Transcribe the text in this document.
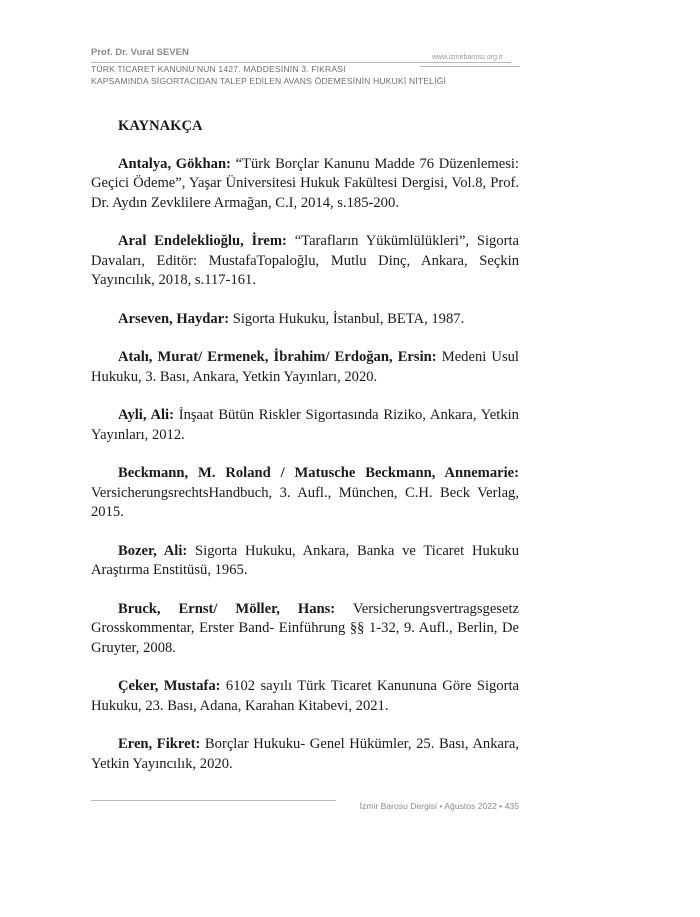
Prof. Dr. Vural SEVEN	www.izmirbarosu.org.tr
TÜRK TİCARET KANUNU’NUN 1427. MADDESİNİN 3. FIKRASI
KAPSAMINDA SİGORTACIDAN TALEP EDİLEN AVANS ÖDEMESİNİN HUKUKİ NİTELİĞİ
KAYNAKÇA

Antalya, Gökhan: “Türk Borçlar Kanunu Madde 76 Düzenlemesi: Geçici Ödeme”, Yaşar Üniversitesi Hukuk Fakültesi Dergisi, Vol.8, Prof. Dr. Aydın Zevklilere Armağan, C.I, 2014, s.185-200.

Aral Endeleklioğlu, İrem: “Tarafların Yükümlülükleri”, Sigorta Davaları, Editör: MustafaTopaloğlu, Mutlu Dinç, Ankara, Seçkin Yayıncılık, 2018, s.117-161.

Arseven, Haydar: Sigorta Hukuku, İstanbul, BETA, 1987.

Atalı, Murat/ Ermenek, İbrahim/ Erdoğan, Ersin: Medeni Usul Hukuku, 3. Bası, Ankara, Yetkin Yayınları, 2020.

Ayli, Ali: İnşaat Bütün Riskler Sigortasında Riziko, Ankara, Yetkin Yayınları, 2012.

Beckmann, M. Roland / Matusche Beckmann, Annemarie: VersicherungsrechtsHandbuch, 3. Aufl., München, C.H. Beck Verlag, 2015.

Bozer, Ali: Sigorta Hukuku, Ankara, Banka ve Ticaret Hukuku Araştırma Enstitüsü, 1965.

Bruck, Ernst/ Möller, Hans: Versicherungsvertragsgesetz Grosskommentar, Erster Band- Einführung §§ 1-32, 9. Aufl., Berlin, De Gruyter, 2008.

Çeker, Mustafa: 6102 sayılı Türk Ticaret Kanununa Göre Sigorta Hukuku, 23. Bası, Adana, Karahan Kitabevi, 2021.

Eren, Fikret: Borçlar Hukuku- Genel Hükümler, 25. Bası, Ankara, Yetkin Yayıncılık, 2020.

İzmir Barosu Dergisi • Ağustos 2022 • 435
